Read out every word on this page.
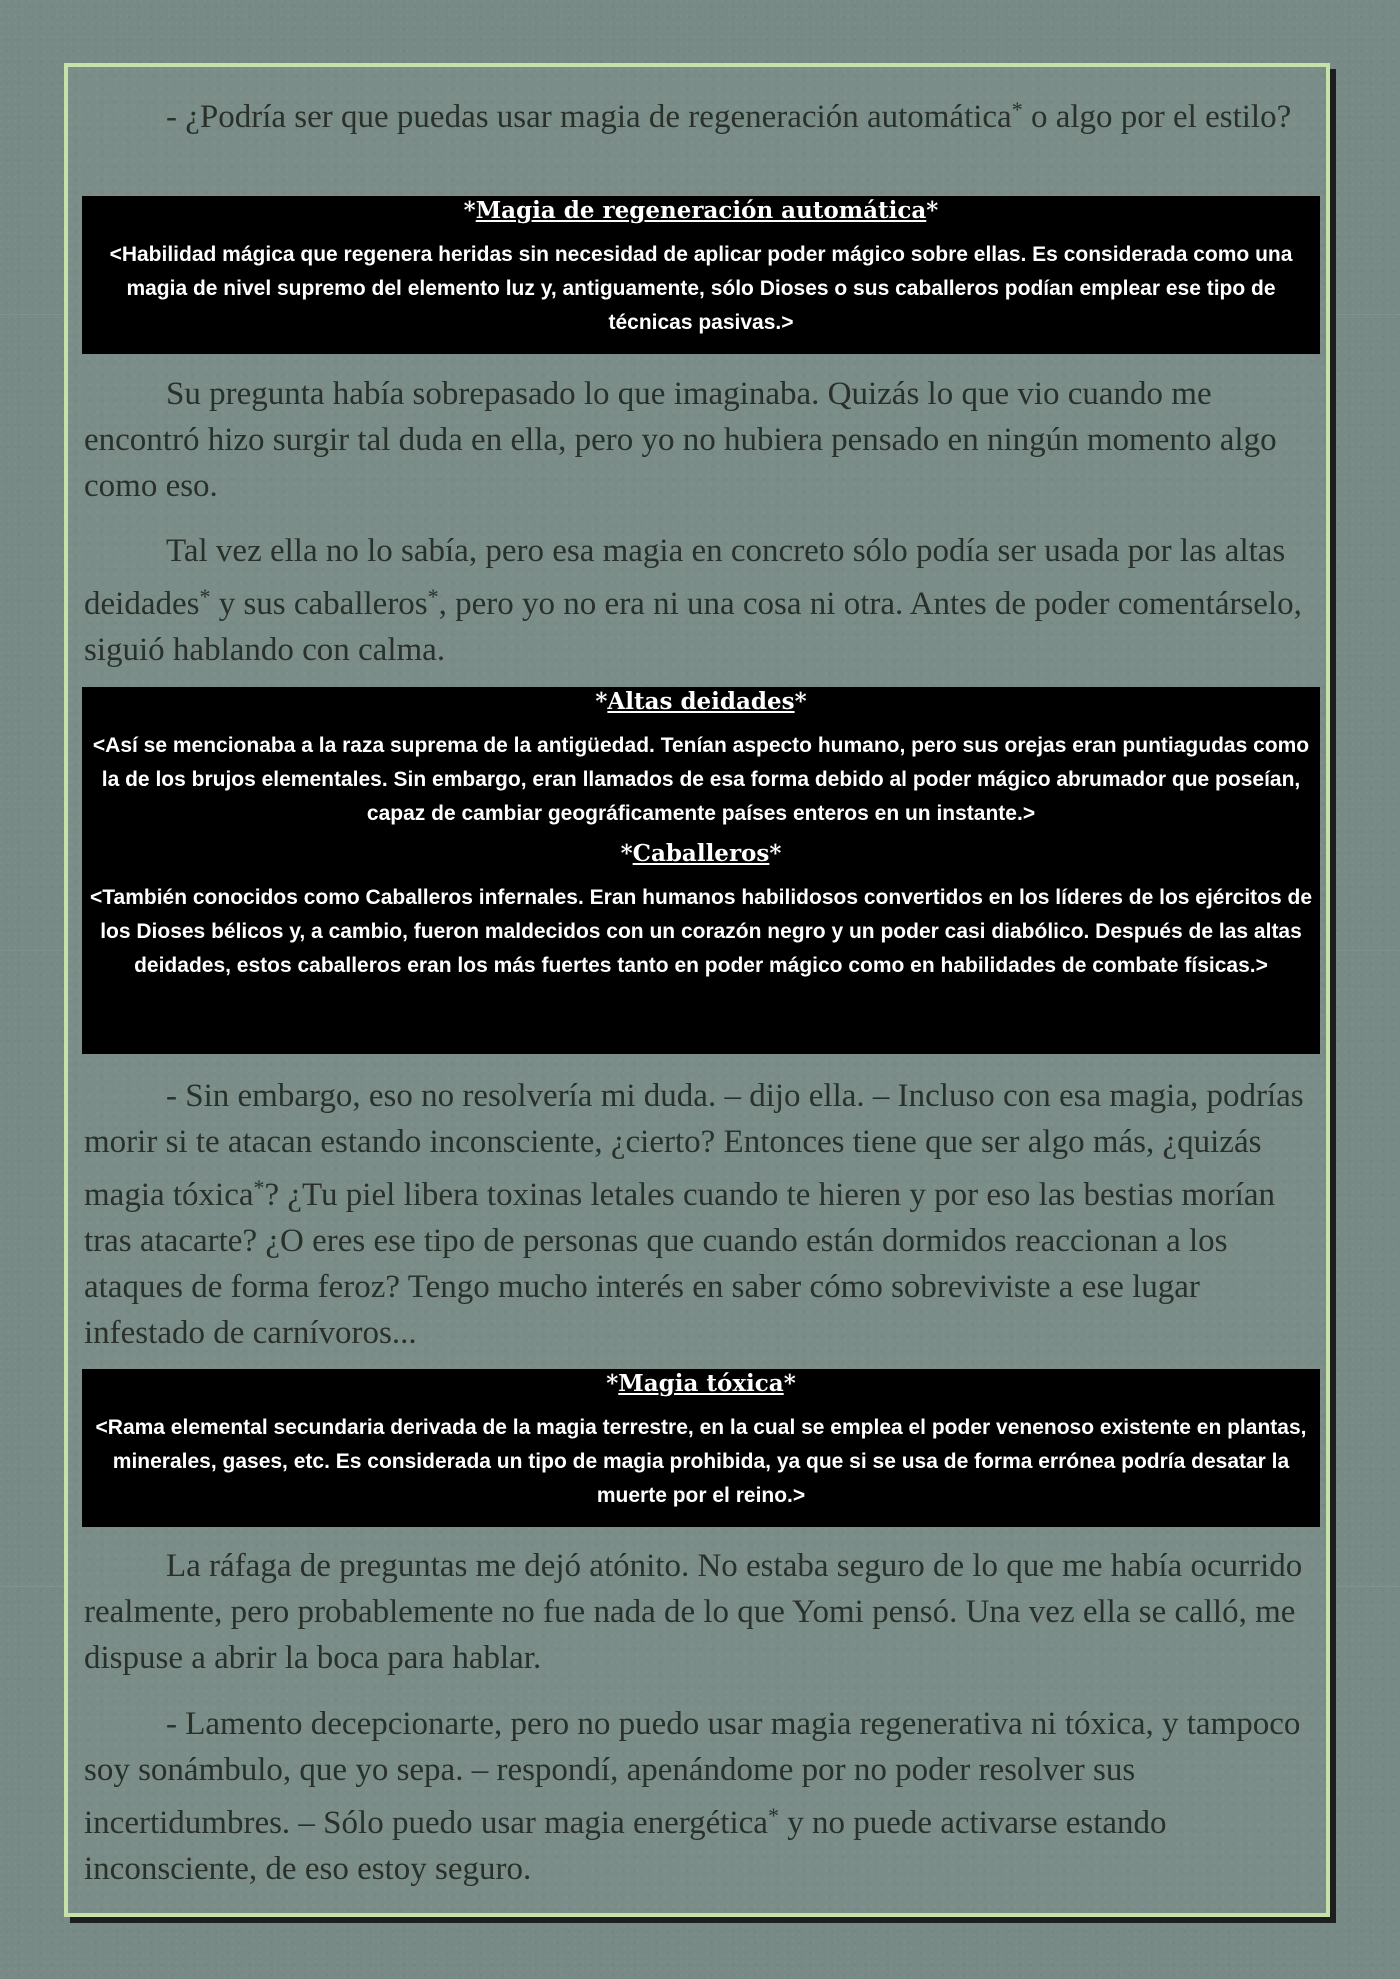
- ¿Podría ser que puedas usar magia de regeneración automática* o algo por el estilo?

*Magia de regeneración automática*
<Habilidad mágica que regenera heridas sin necesidad de aplicar poder mágico sobre ellas. Es considerada como una magia de nivel supremo del elemento luz y, antiguamente, sólo Dioses o sus caballeros podían emplear ese tipo de técnicas pasivas.>

Su pregunta había sobrepasado lo que imaginaba. Quizás lo que vio cuando me encontró hizo surgir tal duda en ella, pero yo no hubiera pensado en ningún momento algo como eso.

Tal vez ella no lo sabía, pero esa magia en concreto sólo podía ser usada por las altas deidades* y sus caballeros*, pero yo no era ni una cosa ni otra. Antes de poder comentárselo, siguió hablando con calma.

*Altas deidades*
<Así se mencionaba a la raza suprema de la antigüedad. Tenían aspecto humano, pero sus orejas eran puntiagudas como la de los brujos elementales. Sin embargo, eran llamados de esa forma debido al poder mágico abrumador que poseían, capaz de cambiar geográficamente países enteros en un instante.>
*Caballeros*
<También conocidos como Caballeros infernales. Eran humanos habilidosos convertidos en los líderes de los ejércitos de los Dioses bélicos y, a cambio, fueron maldecidos con un corazón negro y un poder casi diabólico. Después de las altas deidades, estos caballeros eran los más fuertes tanto en poder mágico como en habilidades de combate físicas.>

- Sin embargo, eso no resolvería mi duda. – dijo ella. – Incluso con esa magia, podrías morir si te atacan estando inconsciente, ¿cierto? Entonces tiene que ser algo más, ¿quizás magia tóxica*? ¿Tu piel libera toxinas letales cuando te hieren y por eso las bestias morían tras atacarte? ¿O eres ese tipo de personas que cuando están dormidos reaccionan a los ataques de forma feroz? Tengo mucho interés en saber cómo sobreviviste a ese lugar infestado de carnívoros...

*Magia tóxica*
<Rama elemental secundaria derivada de la magia terrestre, en la cual se emplea el poder venenoso existente en plantas, minerales, gases, etc. Es considerada un tipo de magia prohibida, ya que si se usa de forma errónea podría desatar la muerte por el reino.>

La ráfaga de preguntas me dejó atónito. No estaba seguro de lo que me había ocurrido realmente, pero probablemente no fue nada de lo que Yomi pensó. Una vez ella se calló, me dispuse a abrir la boca para hablar.

- Lamento decepcionarte, pero no puedo usar magia regenerativa ni tóxica, y tampoco soy sonámbulo, que yo sepa. – respondí, apenándome por no poder resolver sus incertidumbres. – Sólo puedo usar magia energética* y no puede activarse estando inconsciente, de eso estoy seguro.
